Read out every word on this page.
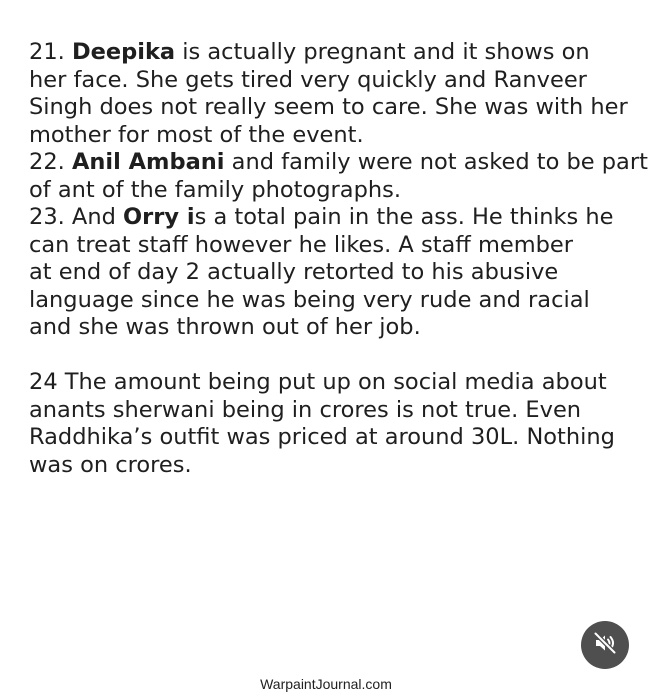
21. Deepika is actually pregnant and it shows on
her face. She gets tired very quickly and Ranveer
Singh does not really seem to care. She was with her
mother for most of the event.
22. Anil Ambani and family were not asked to be part
of ant of the family photographs.
23. And Orry is a total pain in the ass. He thinks he
can treat staff however he likes. A staff member
at end of day 2 actually retorted to his abusive
language since he was being very rude and racial
and she was thrown out of her job.
24 The amount being put up on social media about
anants sherwani being in crores is not true. Even
Raddhika’s outfit was priced at around 30L. Nothing
was on crores.
WarpaintJournal.com
